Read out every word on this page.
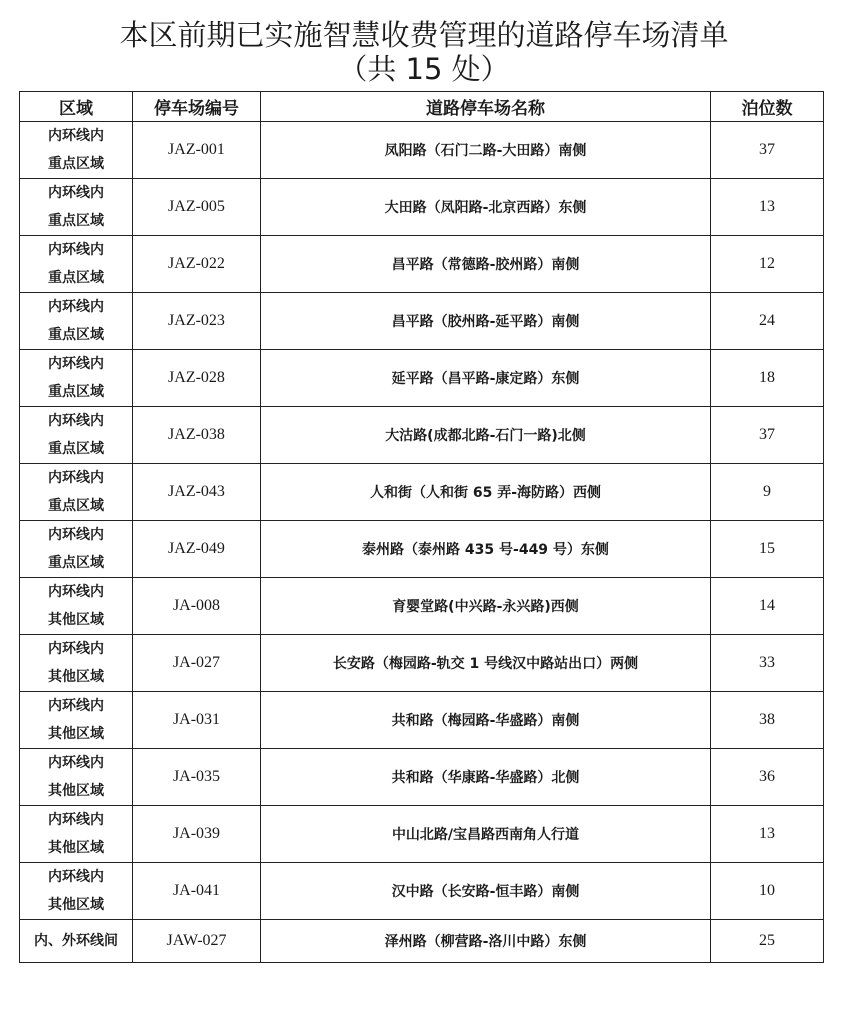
本区前期已实施智慧收费管理的道路停车场清单
（共 15 处）
区域	停车场编号	道路停车场名称	泊位数

内环线内
重点区域	JAZ-001	凤阳路（石门二路-大田路）南侧	37

内环线内
重点区域	JAZ-005	大田路（凤阳路-北京西路）东侧	13

内环线内
重点区域	JAZ-022	昌平路（常德路-胶州路）南侧	12

内环线内
重点区域	JAZ-023	昌平路（胶州路-延平路）南侧	24

内环线内
重点区域	JAZ-028	延平路（昌平路-康定路）东侧	18

内环线内
重点区域	JAZ-038	大沽路(成都北路-石门一路)北侧	37

内环线内
重点区域	JAZ-043	人和街（人和街 65 弄-海防路）西侧	9

内环线内
重点区域	JAZ-049	泰州路（泰州路 435 号-449 号）东侧	15

内环线内
其他区域	JA-008	育婴堂路(中兴路-永兴路)西侧	14

内环线内
其他区域	JA-027	长安路（梅园路-轨交 1 号线汉中路站出口）两侧	33

内环线内
其他区域	JA-031	共和路（梅园路-华盛路）南侧	38

内环线内
其他区域	JA-035	共和路（华康路-华盛路）北侧	36

内环线内
其他区域	JA-039	中山北路/宝昌路西南角人行道	13

内环线内
其他区域	JA-041	汉中路（长安路-恒丰路）南侧	10

内、外环线间	JAW-027	泽州路（柳营路-洛川中路）东侧	25
